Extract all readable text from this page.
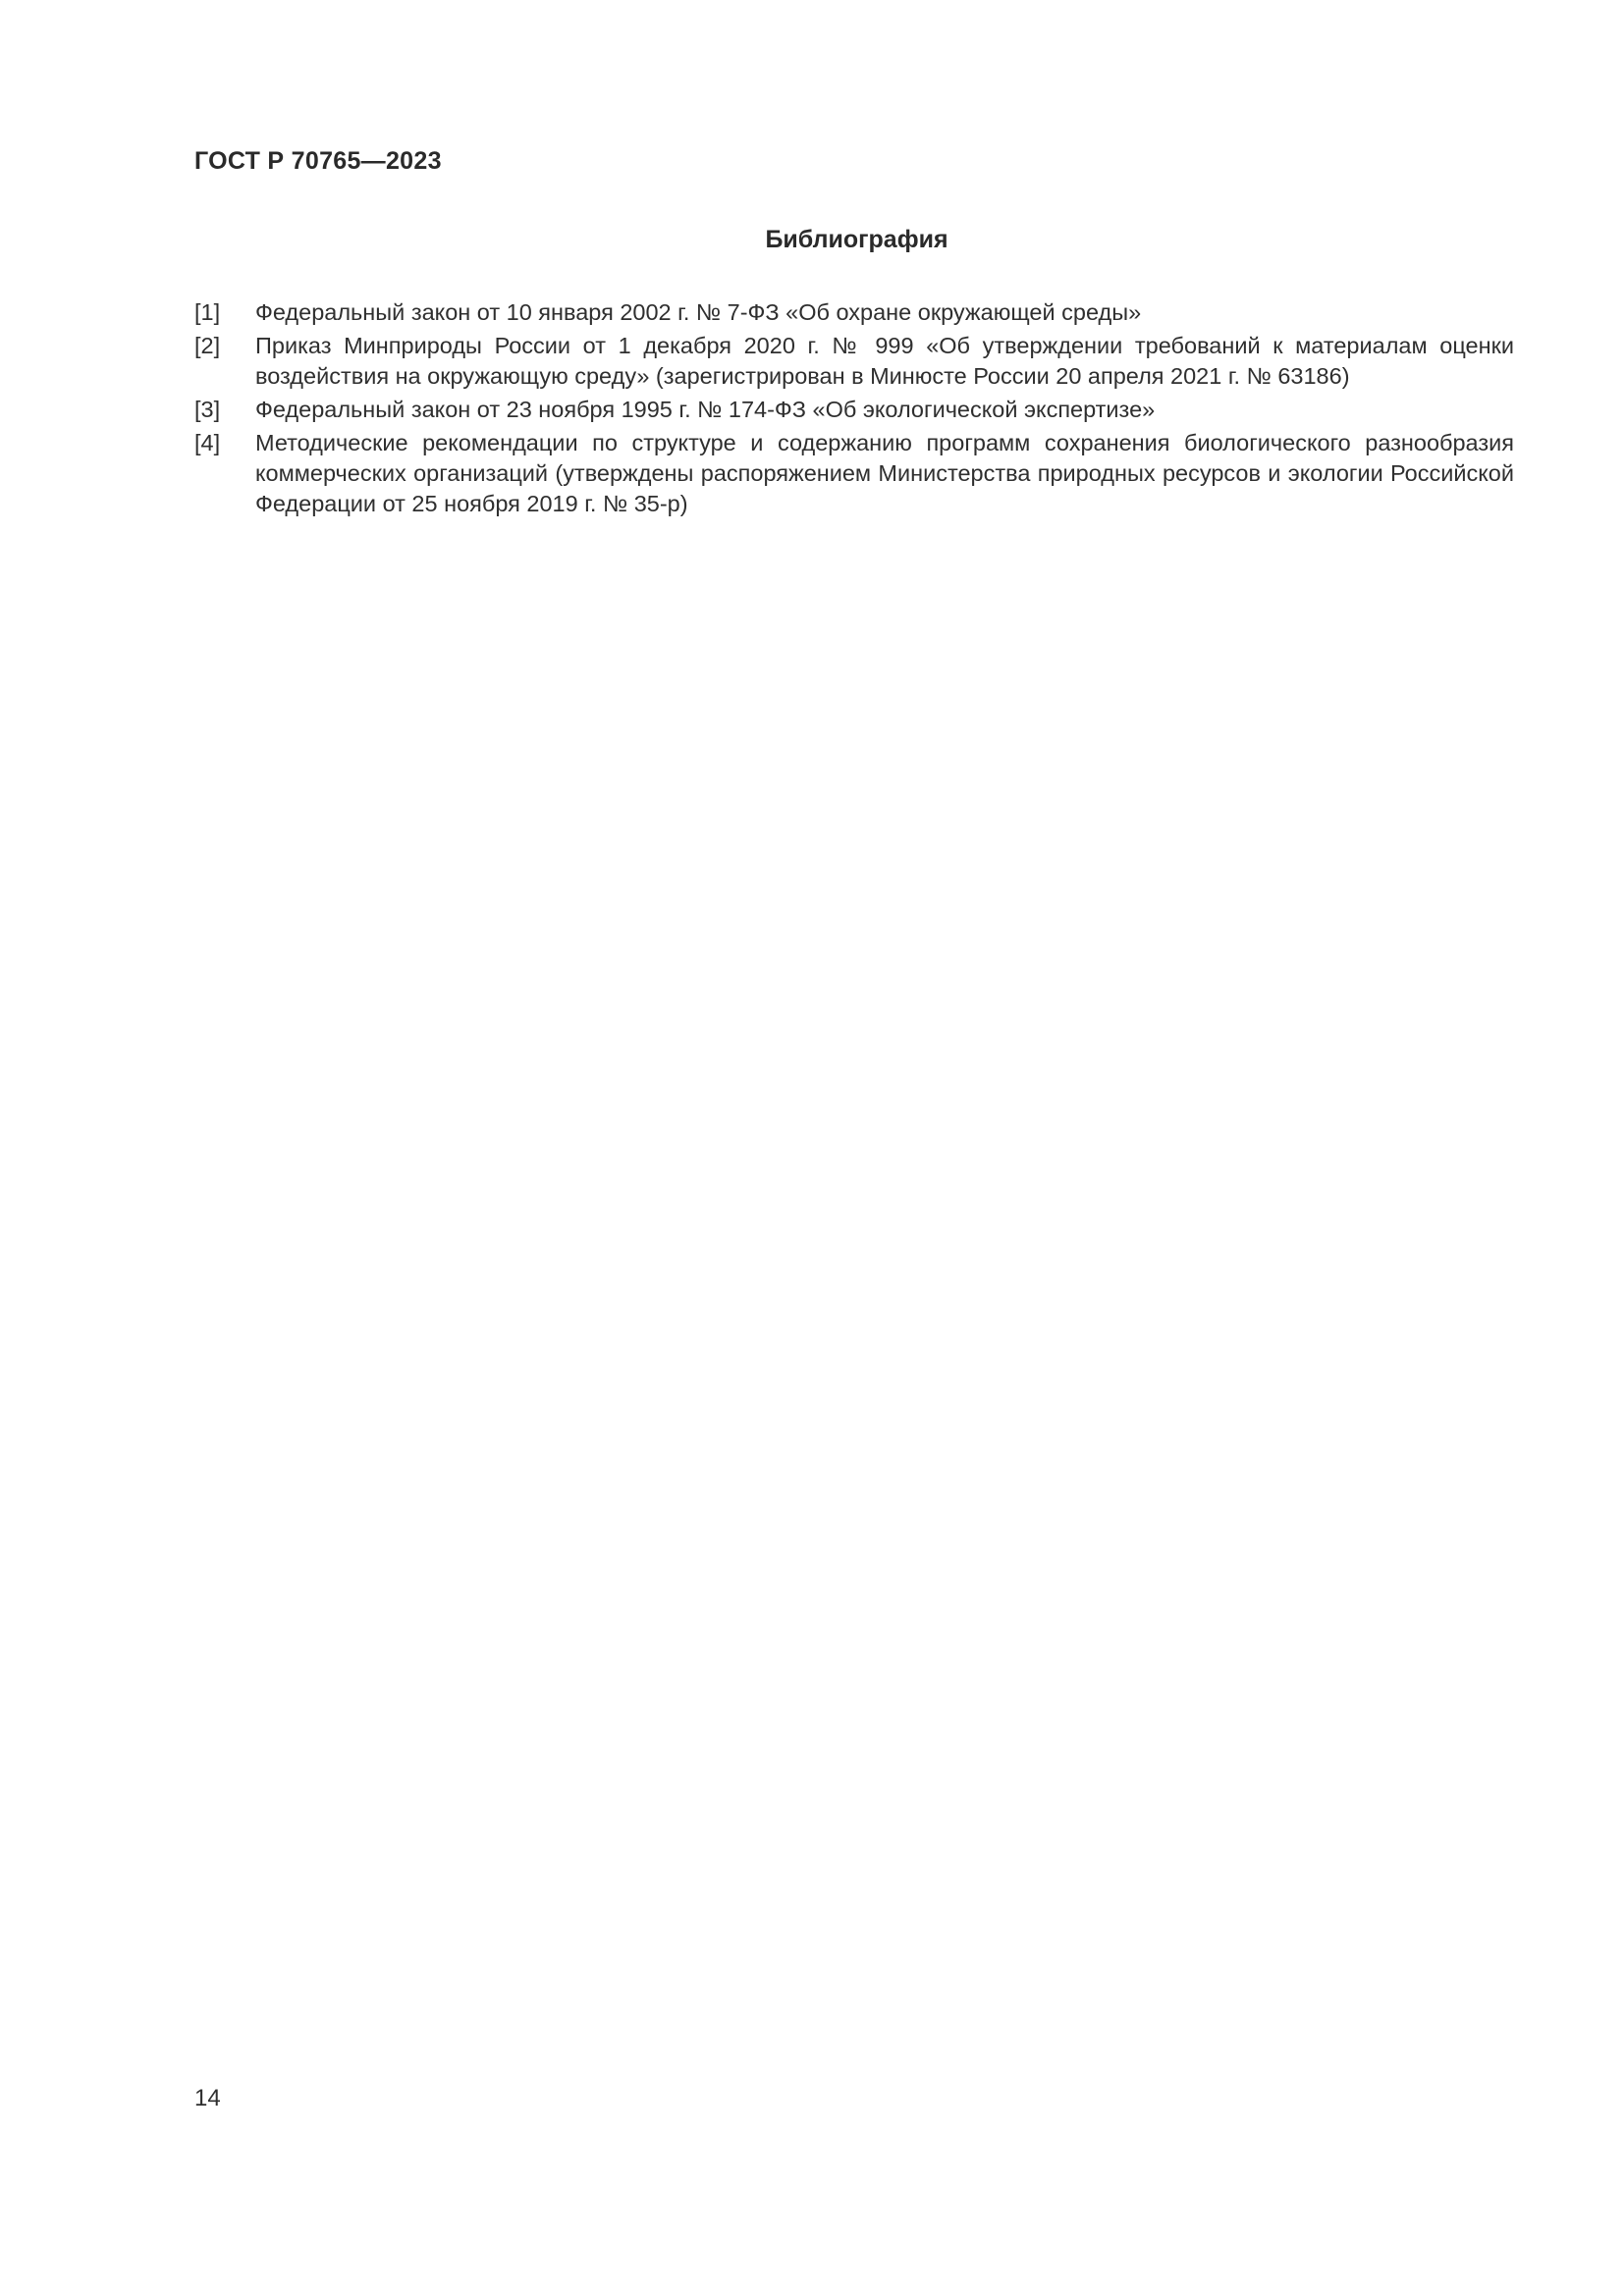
ГОСТ Р 70765—2023
Библиография
[1] Федеральный закон от 10 января 2002 г. № 7-ФЗ «Об охране окружающей среды»
[2] Приказ Минприроды России от 1 декабря 2020 г. № 999 «Об утверждении требований к материалам оценки воздействия на окружающую среду» (зарегистрирован в Минюсте России 20 апреля 2021 г. № 63186)
[3] Федеральный закон от 23 ноября 1995 г. № 174-ФЗ «Об экологической экспертизе»
[4] Методические рекомендации по структуре и содержанию программ сохранения биологического разнообразия коммерческих организаций (утверждены распоряжением Министерства природных ресурсов и экологии Российской Федерации от 25 ноября 2019 г. № 35-р)
14
